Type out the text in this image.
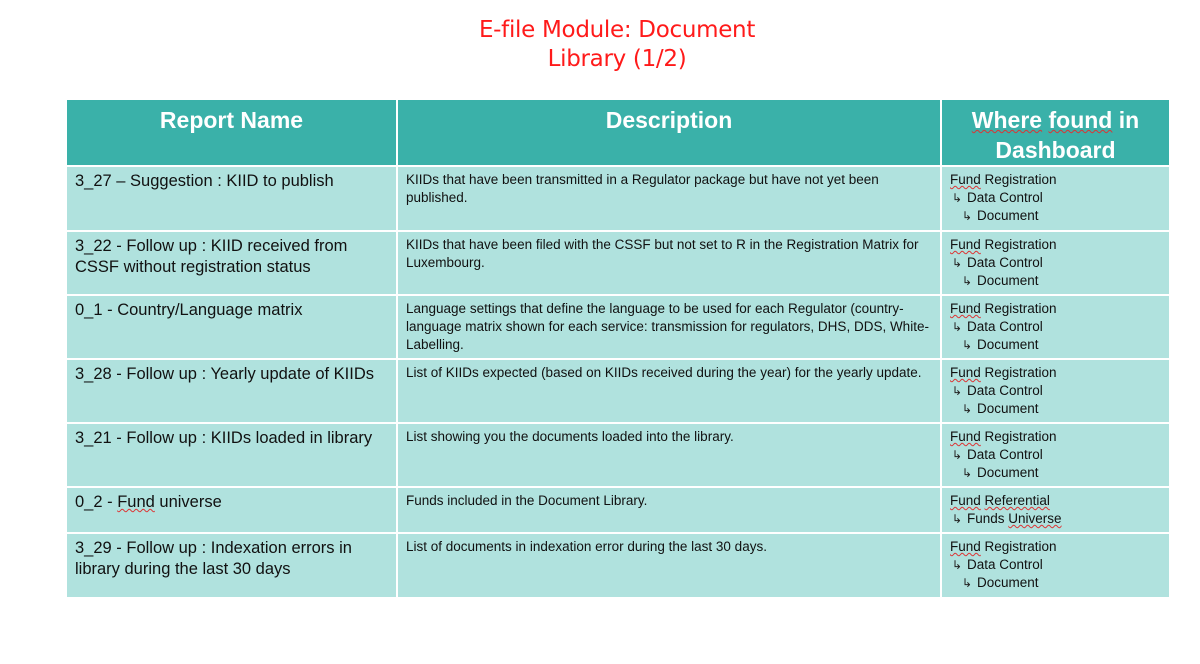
E-file Module: Document
Library (1/2)
Report Name	Description	Where found in
Dashboard
3_27 – Suggestion : KIID to publish	KIIDs that have been transmitted in a Regulator package but have not yet been published.	Fund Registration
↳ Data Control
↳ Document

3_22 - Follow up : KIID received from CSSF without registration status	KIIDs that have been filed with the CSSF but not set to R in the Registration Matrix for Luxembourg.	Fund Registration
↳ Data Control
↳ Document

0_1 - Country/Language matrix	Language settings that define the language to be used for each Regulator (country-language matrix shown for each service: transmission for regulators, DHS, DDS, White-Labelling.	Fund Registration
↳ Data Control
↳ Document

3_28 - Follow up : Yearly update of KIIDs	List of KIIDs expected (based on KIIDs received during the year) for the yearly update.	Fund Registration
↳ Data Control
↳ Document

3_21 - Follow up : KIIDs loaded in library	List showing you the documents loaded into the library.	Fund Registration
↳ Data Control
↳ Document

0_2 - Fund universe	Funds included in the Document Library.	Fund Referential
↳ Funds Universe

3_29 - Follow up : Indexation errors in library during the last 30 days	List of documents in indexation error during the last 30 days.	Fund Registration
↳ Data Control
↳ Document
